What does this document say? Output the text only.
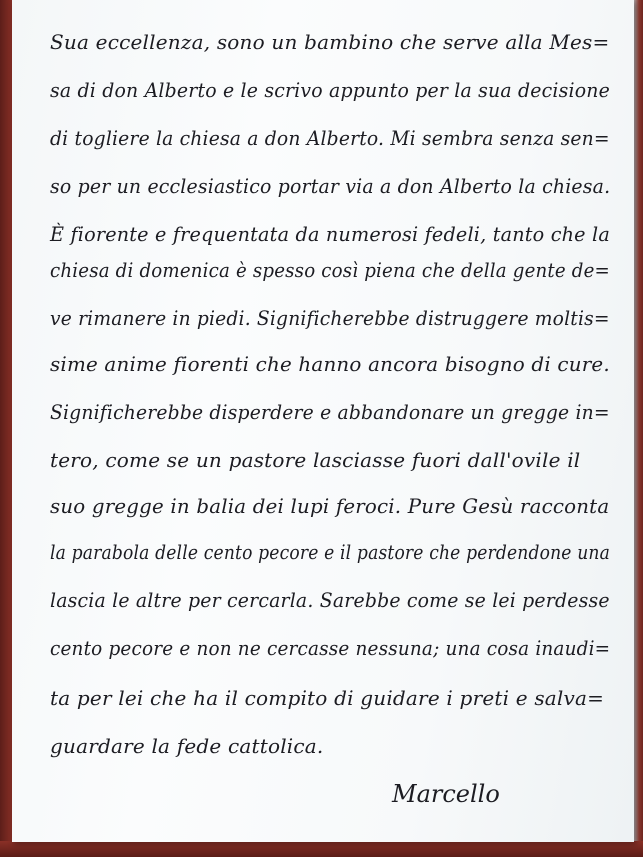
Sua eccellenza, sono un bambino che serve alla Mes=
sa di don Alberto e le scrivo appunto per la sua decisione
di togliere la chiesa a don Alberto. Mi sembra senza sen=
so per un ecclesiastico portar via a don Alberto la chiesa.
È fiorente e frequentata da numerosi fedeli, tanto che la
chiesa di domenica è spesso così piena che della gente de=
ve rimanere in piedi. Significherebbe distruggere moltis=
sime anime fiorenti che hanno ancora bisogno di cure.
Significherebbe disperdere e abbandonare un gregge in=
tero, come se un pastore lasciasse fuori dall'ovile il
suo gregge in balia dei lupi feroci. Pure Gesù racconta
la parabola delle cento pecore e il pastore che perdendone una
lascia le altre per cercarla. Sarebbe come se lei perdesse
cento pecore e non ne cercasse nessuna; una cosa inaudi=
ta per lei che ha il compito di guidare i preti e salva=
guardare la fede cattolica.
Marcello
